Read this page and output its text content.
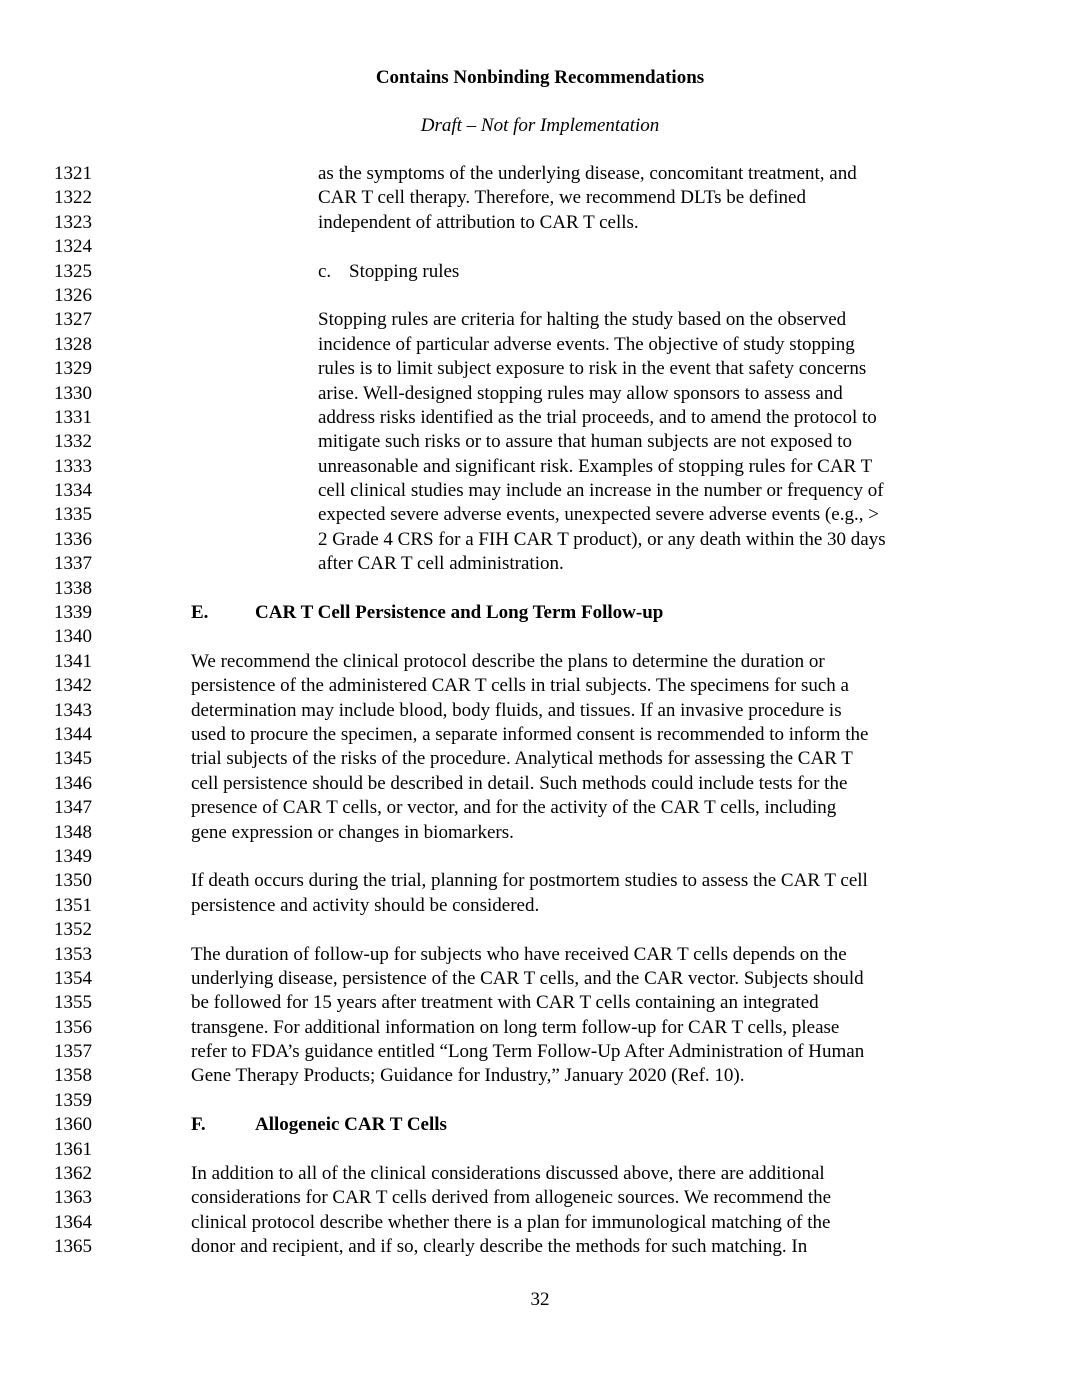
Contains Nonbinding Recommendations
Draft – Not for Implementation
1321	as the symptoms of the underlying disease, concomitant treatment, and
1322	CAR T cell therapy. Therefore, we recommend DLTs be defined
1323	independent of attribution to CAR T cells.
1324
1325	c. Stopping rules
1326
1327	Stopping rules are criteria for halting the study based on the observed
1328	incidence of particular adverse events. The objective of study stopping
1329	rules is to limit subject exposure to risk in the event that safety concerns
1330	arise. Well-designed stopping rules may allow sponsors to assess and
1331	address risks identified as the trial proceeds, and to amend the protocol to
1332	mitigate such risks or to assure that human subjects are not exposed to
1333	unreasonable and significant risk. Examples of stopping rules for CAR T
1334	cell clinical studies may include an increase in the number or frequency of
1335	expected severe adverse events, unexpected severe adverse events (e.g., >
1336	2 Grade 4 CRS for a FIH CAR T product), or any death within the 30 days
1337	after CAR T cell administration.
1338
1339	E. CAR T Cell Persistence and Long Term Follow-up
1340
1341	We recommend the clinical protocol describe the plans to determine the duration or
1342	persistence of the administered CAR T cells in trial subjects. The specimens for such a
1343	determination may include blood, body fluids, and tissues. If an invasive procedure is
1344	used to procure the specimen, a separate informed consent is recommended to inform the
1345	trial subjects of the risks of the procedure. Analytical methods for assessing the CAR T
1346	cell persistence should be described in detail. Such methods could include tests for the
1347	presence of CAR T cells, or vector, and for the activity of the CAR T cells, including
1348	gene expression or changes in biomarkers.
1349
1350	If death occurs during the trial, planning for postmortem studies to assess the CAR T cell
1351	persistence and activity should be considered.
1352
1353	The duration of follow-up for subjects who have received CAR T cells depends on the
1354	underlying disease, persistence of the CAR T cells, and the CAR vector. Subjects should
1355	be followed for 15 years after treatment with CAR T cells containing an integrated
1356	transgene. For additional information on long term follow-up for CAR T cells, please
1357	refer to FDA’s guidance entitled “Long Term Follow-Up After Administration of Human
1358	Gene Therapy Products; Guidance for Industry,” January 2020 (Ref. 10).
1359
1360	F.	Allogeneic CAR T Cells
1361
1362	In addition to all of the clinical considerations discussed above, there are additional
1363	considerations for CAR T cells derived from allogeneic sources. We recommend the
1364	clinical protocol describe whether there is a plan for immunological matching of the
1365	donor and recipient, and if so, clearly describe the methods for such matching. In
32
